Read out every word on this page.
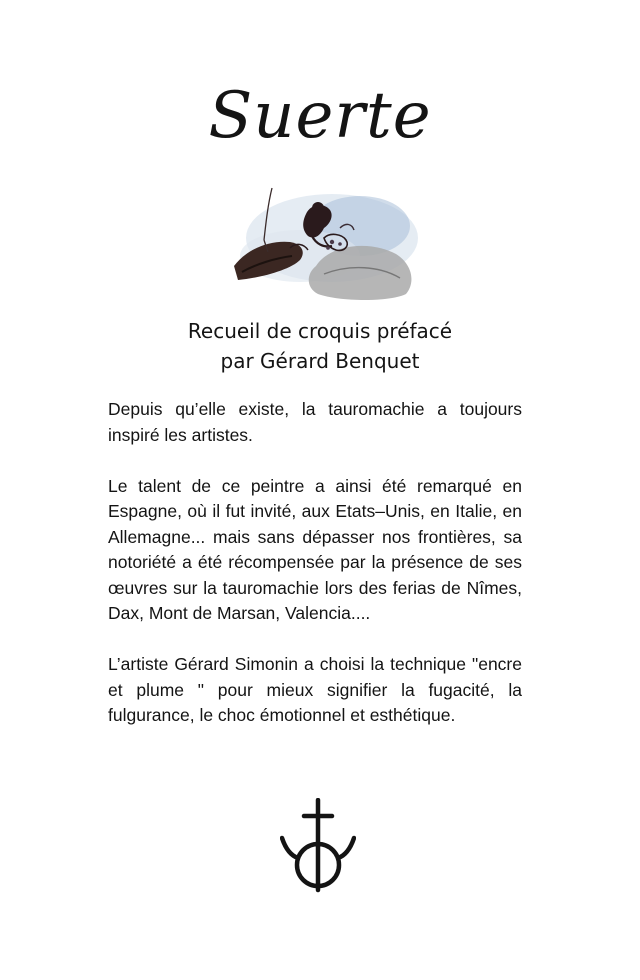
Suerte
Recueil de croquis préfacé
par Gérard Benquet

Depuis qu’elle existe, la tauromachie a toujours inspiré les artistes.

Le talent de ce peintre a ainsi été remarqué en Espagne, où il fut invité, aux Etats–Unis, en Italie, en Allemagne... mais sans dépasser nos frontières, sa notoriété a été récompensée par la présence de ses œuvres sur la tauromachie lors des ferias de Nîmes, Dax, Mont de Marsan, Valencia....

L’artiste Gérard Simonin a choisi la technique "encre et plume " pour mieux signifier la fugacité, la fulgurance, le choc émotionnel et esthétique.
